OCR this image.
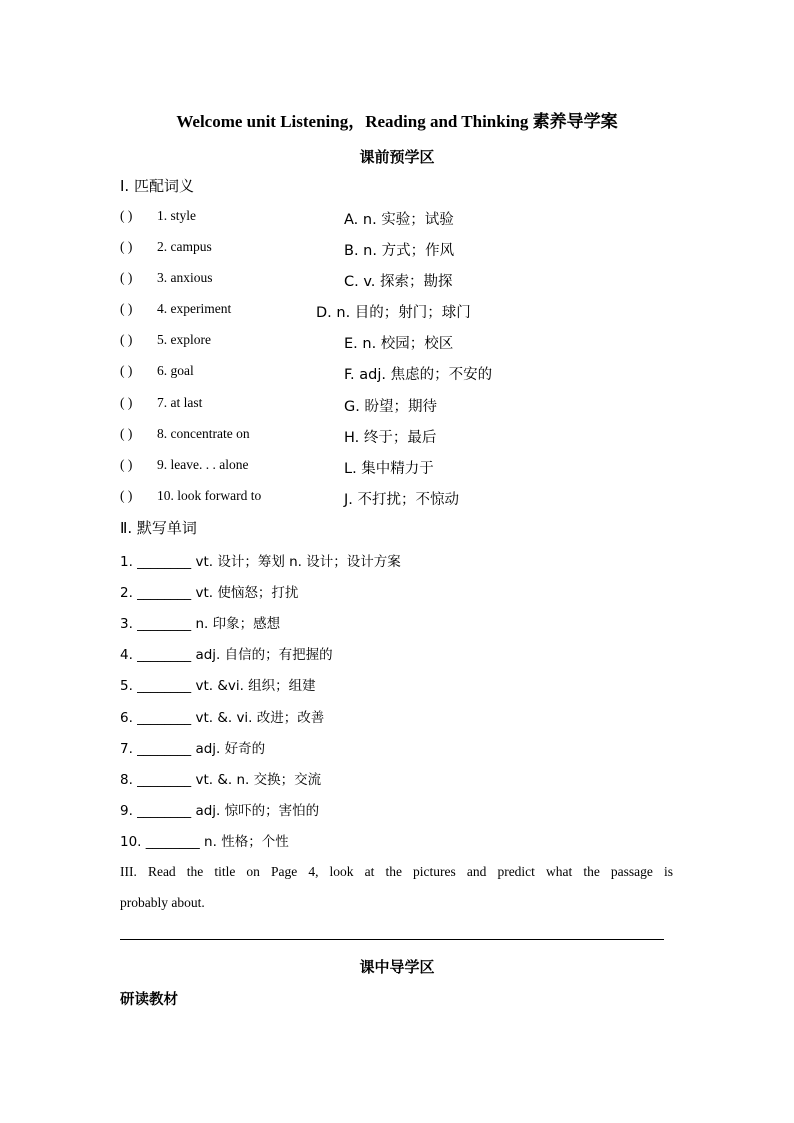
Welcome unit Listening，Reading and Thinking 素养导学案
课前预学区
I. 匹配词义
( ) 1. style	A. n. 实验；试验
( ) 2. campus	B. n. 方式；作风
( ) 3. anxious	C. v. 探索；勘探
( ) 4. experiment	D. n. 目的；射门；球门
( ) 5. explore	E. n. 校园；校区
( ) 6. goal	F. adj. 焦虑的；不安的
( ) 7. at last	G. 盼望；期待
( ) 8. concentrate on	H. 终于；最后
( ) 9. leave. . . alone	L. 集中精力于
( ) 10. look forward to	J. 不打扰；不惊动
Ⅱ. 默写单词
1. ________ vt. 设计；筹划 n. 设计；设计方案
2. ________ vt. 使恼怒；打扰
3. ________ n. 印象；感想
4. ________ adj. 自信的；有把握的
5. ________ vt. &vi. 组织；组建
6. ________ vt. &. vi. 改进；改善
7. ________ adj. 好奇的
8. ________ vt. &. n. 交换；交流
9. ________ adj. 惊吓的；害怕的
10. ________ n. 性格；个性
III. Read the title on Page 4, look at the pictures and predict what the passage is
probably about.
课中导学区
研读教材
